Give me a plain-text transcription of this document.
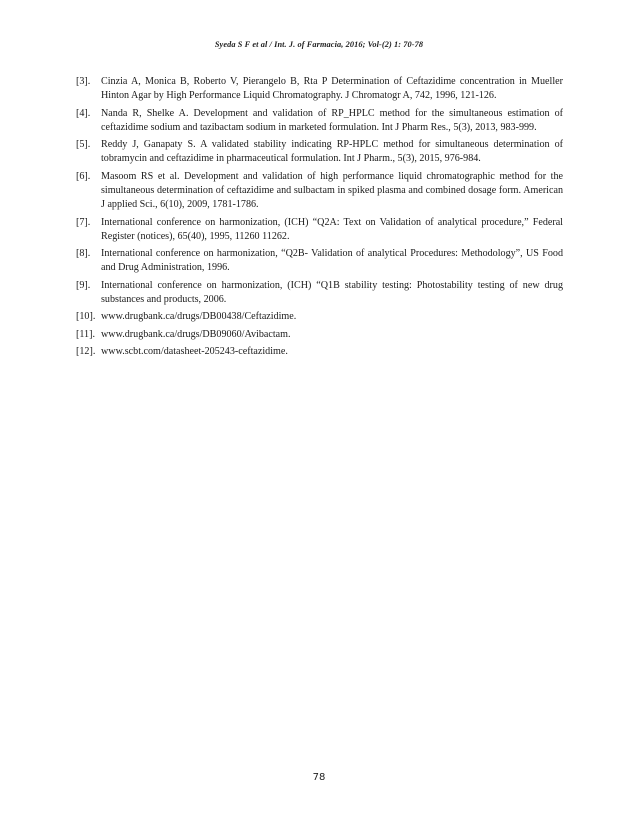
Syeda S F et al / Int. J. of Farmacia, 2016; Vol-(2) 1: 70-78
[3].	Cinzia A, Monica B, Roberto V, Pierangelo B, Rta P Determination of Ceftazidime concentration in Mueller Hinton Agar by High Performance Liquid Chromatography. J Chromatogr A, 742, 1996, 121-126.
[4].	Nanda R, Shelke A. Development and validation of RP_HPLC method for the simultaneous estimation of ceftazidime sodium and tazibactam sodium in marketed formulation. Int J Pharm Res., 5(3), 2013, 983-999.
[5].	Reddy J, Ganapaty S. A validated stability indicating RP-HPLC method for simultaneous determination of tobramycin and ceftazidime in pharmaceutical formulation. Int J Pharm., 5(3), 2015, 976-984.
[6].	Masoom RS et al. Development and validation of high performance liquid chromatographic method for the simultaneous determination of ceftazidime and sulbactam in spiked plasma and combined dosage form. American J applied Sci., 6(10), 2009, 1781-1786.
[7].	International conference on harmonization, (ICH) “Q2A: Text on Validation of analytical procedure,” Federal Register (notices), 65(40), 1995, 11260 11262.
[8].	International conference on harmonization, “Q2B- Validation of analytical Procedures: Methodology”, US Food and Drug Administration, 1996.
[9].	International conference on harmonization, (ICH) “Q1B stability testing: Photostability testing of new drug substances and products, 2006.
[10]. www.drugbank.ca/drugs/DB00438/Ceftazidime.
[11]. www.drugbank.ca/drugs/DB09060/Avibactam.
[12]. www.scbt.com/datasheet-205243-ceftazidime.
78
